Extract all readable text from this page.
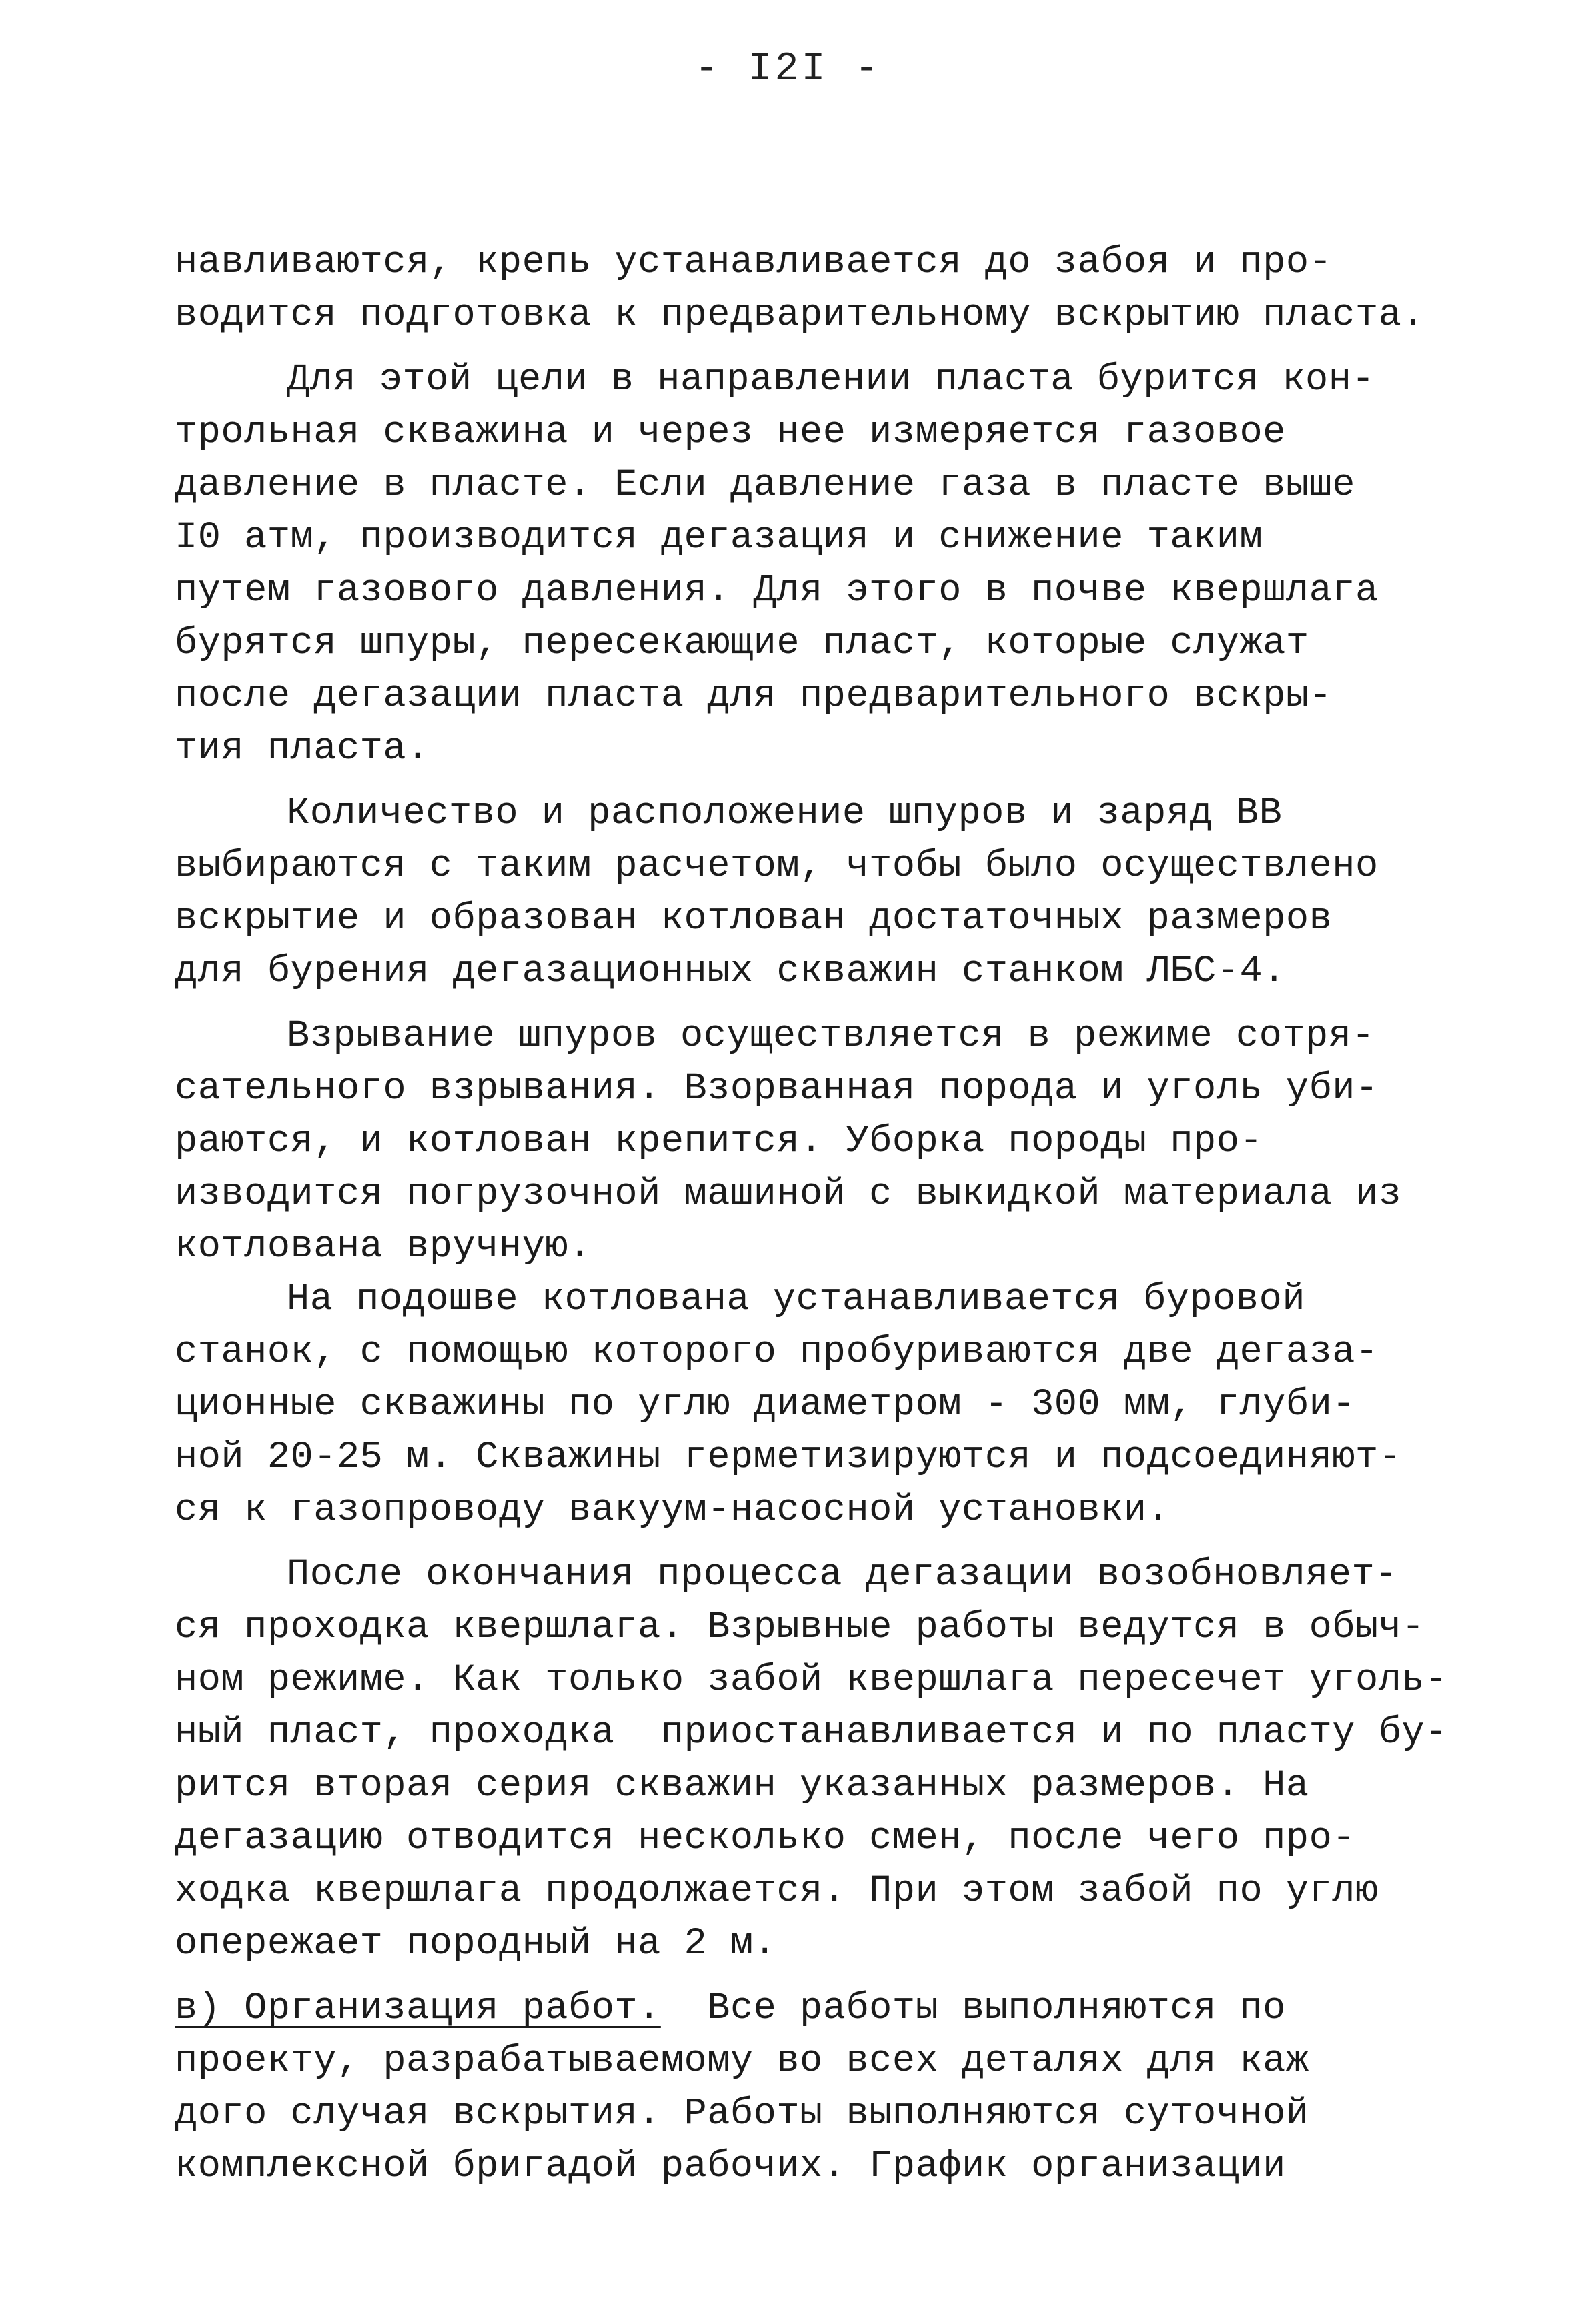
- I2I -
навливаются, крепь устанавливается до забоя и про-
водится подготовка к предварительному вскрытию пласта.
Для этой цели в направлении пласта бурится кон-
трольная скважина и через нее измеряется газовое
давление в пласте. Если давление газа в пласте выше
I0 атм, производится дегазация и снижение таким
путем газового давления. Для этого в почве квершлага
бурятся шпуры, пересекающие пласт, которые служат
после дегазации пласта для предварительного вскры-
тия пласта.
Количество и расположение шпуров и заряд ВВ
выбираются с таким расчетом, чтобы было осуществлено
вскрытие и образован котлован достаточных размеров
для бурения дегазационных скважин станком ЛБС-4.
Взрывание шпуров осуществляется в режиме сотря-
сательного взрывания. Взорванная порода и уголь уби-
раются, и котлован крепится. Уборка породы про-
изводится погрузочной машиной с выкидкой материала из
котлована вручную.
На подошве котлована устанавливается буровой
станок, с помощью которого пробуриваются две дегаза-
ционные скважины по углю диаметром - 300 мм, глуби-
ной 20-25 м. Скважины герметизируются и подсоединяют-
ся к газопроводу вакуум-насосной установки.
После окончания процесса дегазации возобновляет-
ся проходка квершлага. Взрывные работы ведутся в обыч-
ном режиме. Как только забой квершлага пересечет уголь-
ный пласт, проходка  приостанавливается и по пласту бу-
рится вторая серия скважин указанных размеров. На
дегазацию отводится несколько смен, после чего про-
ходка квершлага продолжается. При этом забой по углю
опережает породный на 2 м.
в) Организация работ.  Все работы выполняются по
проекту, разрабатываемому во всех деталях для каж
дого случая вскрытия. Работы выполняются суточной
комплексной бригадой рабочих. График организации
